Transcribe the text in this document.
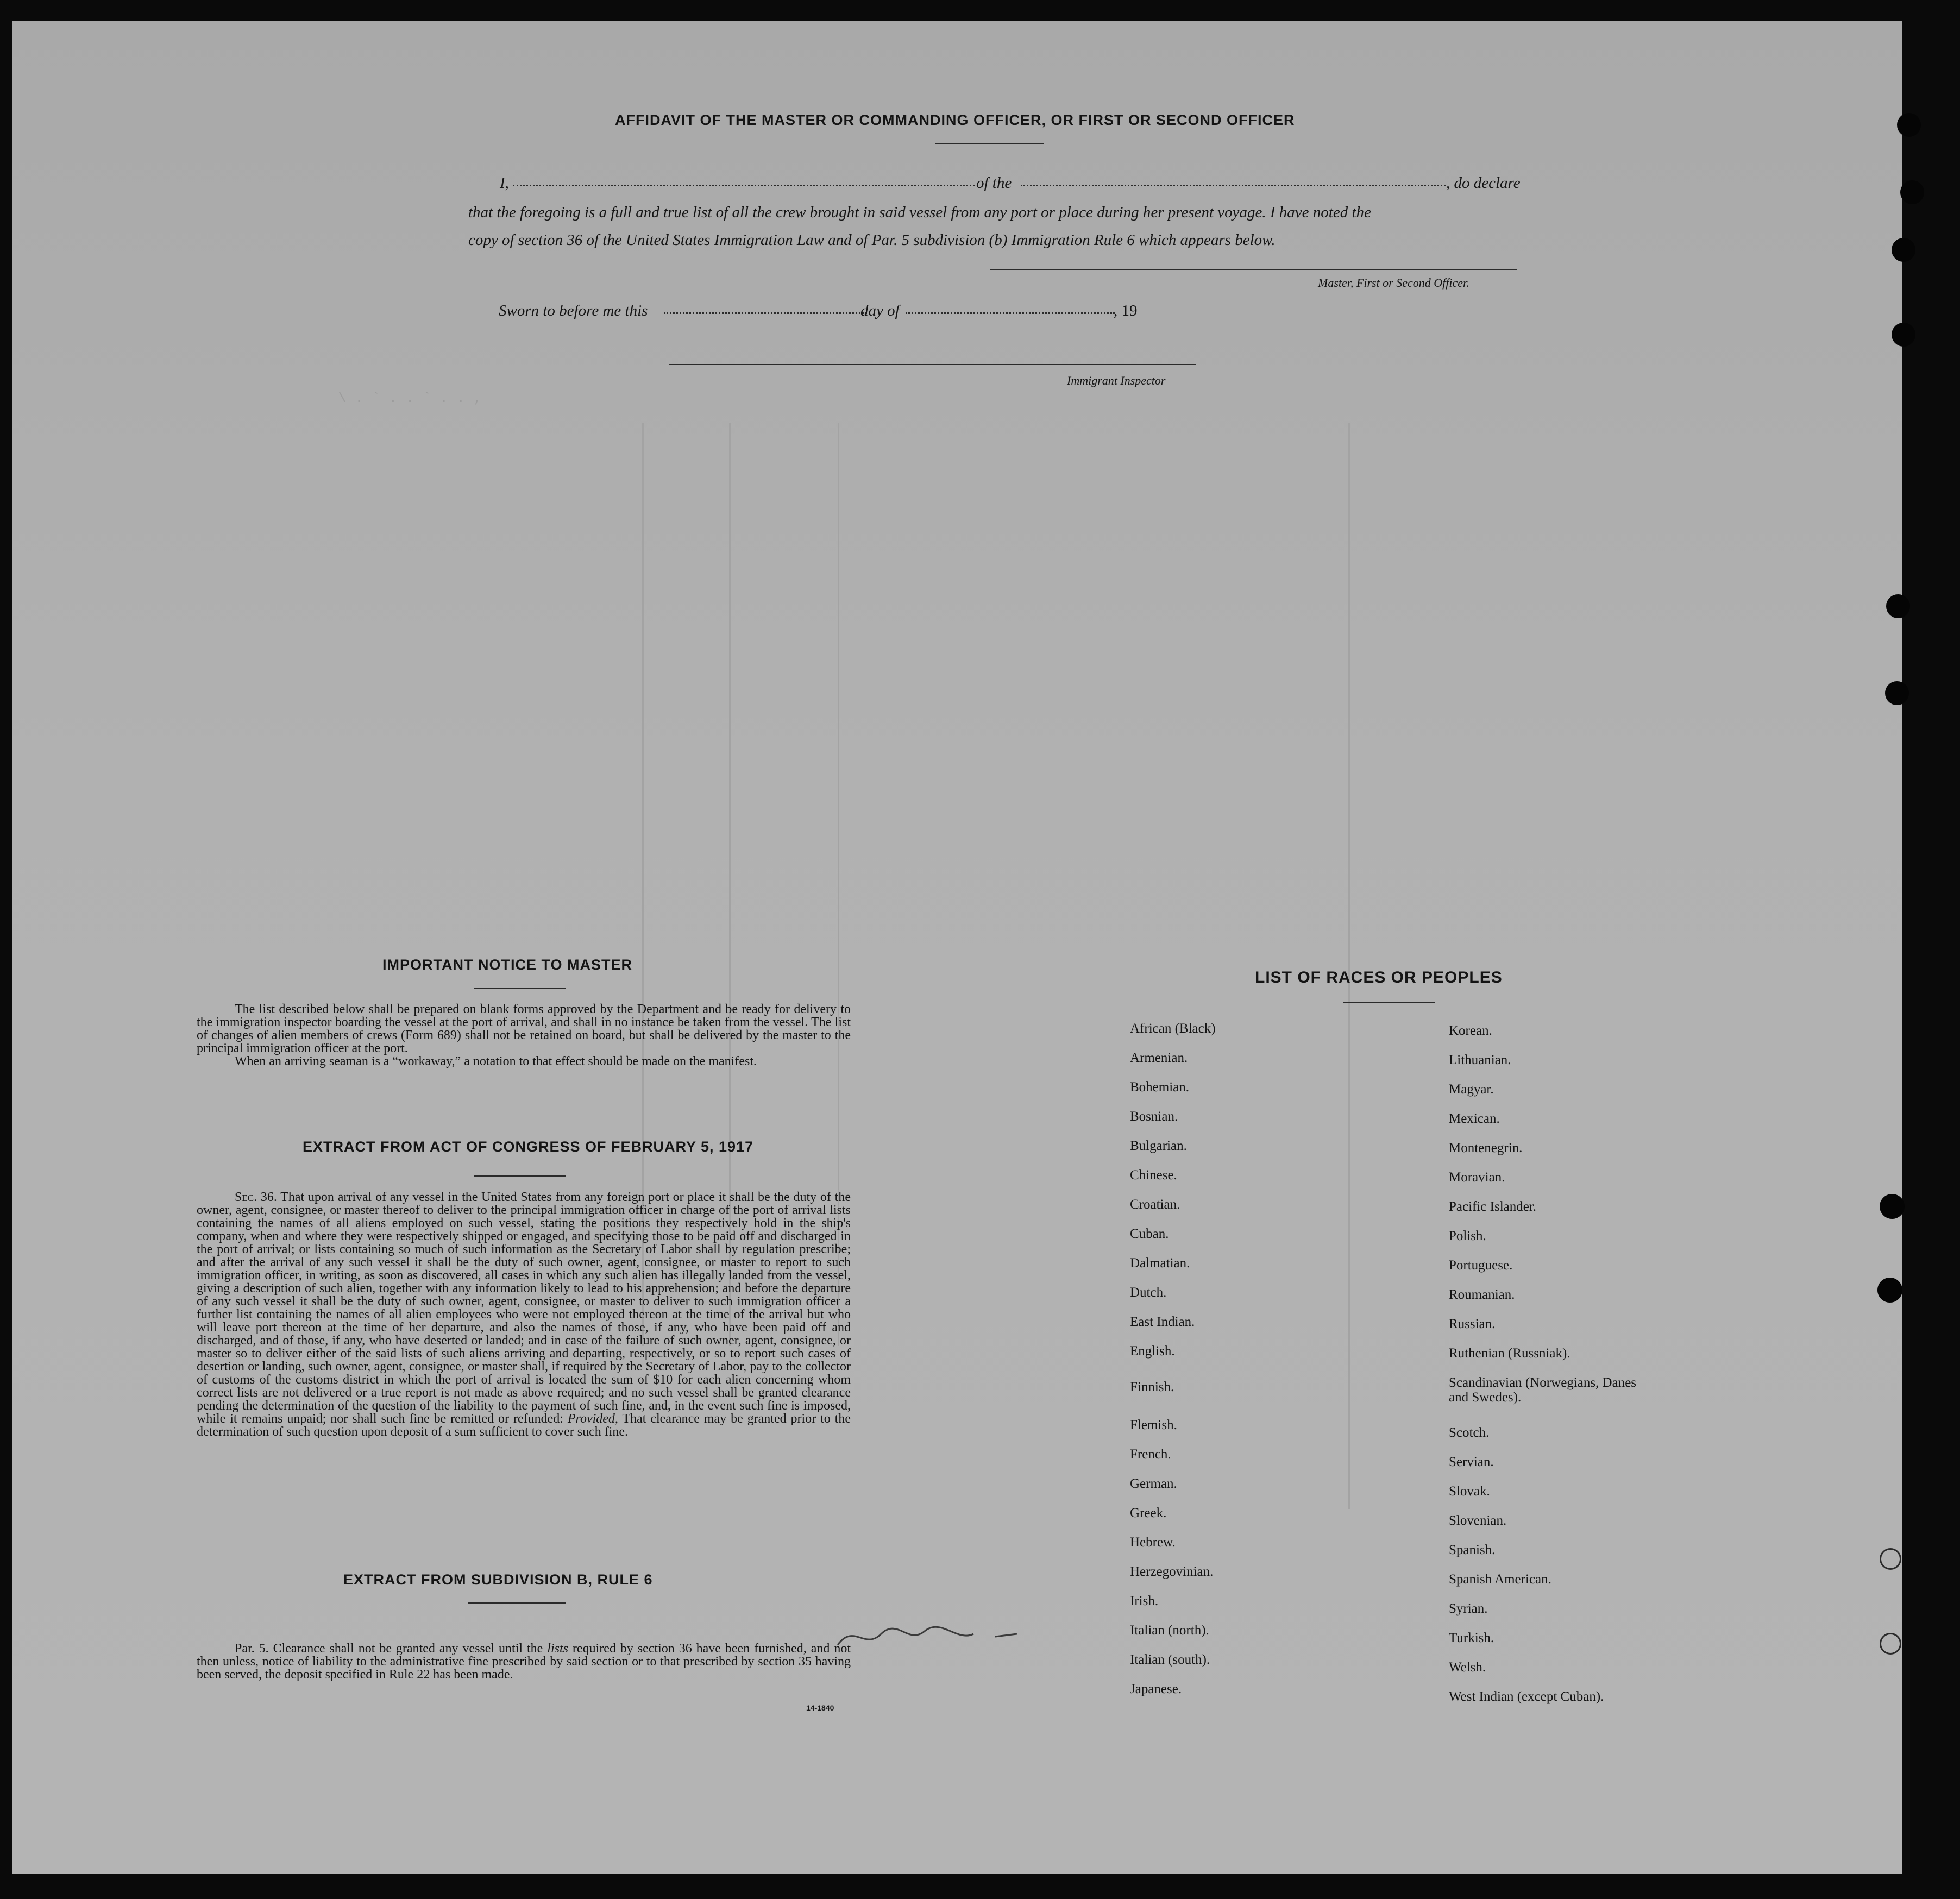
\ . ` . . ` . . ,
AFFIDAVIT OF THE MASTER OR COMMANDING OFFICER, OR FIRST OR SECOND OFFICER
I,	of the	, do declare
that the foregoing is a full and true list of all the crew brought in said vessel from any port or place during her present voyage. I have noted the
copy of section 36 of the United States Immigration Law and of Par. 5 subdivision (b) Immigration Rule 6 which appears below.
Master, First or Second Officer.
Sworn to before me this	day of	, 19
Immigrant Inspector
IMPORTANT NOTICE TO MASTER

The list described below shall be prepared on blank forms approved by the Department and be ready for delivery to the immigration inspector boarding the vessel at the port of arrival, and shall in no instance be taken from the vessel. The list of changes of alien members of crews (Form 689) shall not be retained on board, but shall be delivered by the master to the principal immigration officer at the port.

When an arriving seaman is a “workaway,” a notation to that effect should be made on the manifest.

EXTRACT FROM ACT OF CONGRESS OF FEBRUARY 5, 1917

Sec. 36. That upon arrival of any vessel in the United States from any foreign port or place it shall be the duty of the owner, agent, consignee, or master thereof to deliver to the principal immigration officer in charge of the port of arrival lists containing the names of all aliens employed on such vessel, stating the positions they respectively hold in the ship's company, when and where they were respectively shipped or engaged, and specifying those to be paid off and discharged in the port of arrival; or lists containing so much of such information as the Secretary of Labor shall by regulation prescribe; and after the arrival of any such vessel it shall be the duty of such owner, agent, consignee, or master to report to such immigration officer, in writing, as soon as discovered, all cases in which any such alien has illegally landed from the vessel, giving a description of such alien, together with any information likely to lead to his apprehension; and before the departure of any such vessel it shall be the duty of such owner, agent, consignee, or master to deliver to such immigration officer a further list containing the names of all alien employees who were not employed thereon at the time of the arrival but who will leave port thereon at the time of her departure, and also the names of those, if any, who have been paid off and discharged, and of those, if any, who have deserted or landed; and in case of the failure of such owner, agent, consignee, or master so to deliver either of the said lists of such aliens arriving and departing, respectively, or so to report such cases of desertion or landing, such owner, agent, consignee, or master shall, if required by the Secretary of Labor, pay to the collector of customs of the customs district in which the port of arrival is located the sum of $10 for each alien concerning whom correct lists are not delivered or a true report is not made as above required; and no such vessel shall be granted clearance pending the determination of the question of the liability to the payment of such fine, and, in the event such fine is imposed, while it remains unpaid; nor shall such fine be remitted or refunded: Provided, That clearance may be granted prior to the determination of such question upon deposit of a sum sufficient to cover such fine.

EXTRACT FROM SUBDIVISION B, RULE 6

Par. 5. Clearance shall not be granted any vessel until the lists required by section 36 have been furnished, and not then unless, notice of liability to the administrative fine prescribed by said section or to that prescribed by section 35 having been served, the deposit specified in Rule 22 has been made.

14-1840
LIST OF RACES OR PEOPLES
African (Black)
Armenian.
Bohemian.
Bosnian.
Bulgarian.
Chinese.
Croatian.
Cuban.
Dalmatian.
Dutch.
East Indian.
English.
Finnish.
Flemish.
French.
German.
Greek.
Hebrew.
Herzegovinian.
Irish.
Italian (north).
Italian (south).
Japanese.
Korean.
Lithuanian.
Magyar.
Mexican.
Montenegrin.
Moravian.
Pacific Islander.
Polish.
Portuguese.
Roumanian.
Russian.
Ruthenian (Russniak).
Scandinavian (Norwegians, Danes and Swedes).
Scotch.
Servian.
Slovak.
Slovenian.
Spanish.
Spanish American.
Syrian.
Turkish.
Welsh.
West Indian (except Cuban).
